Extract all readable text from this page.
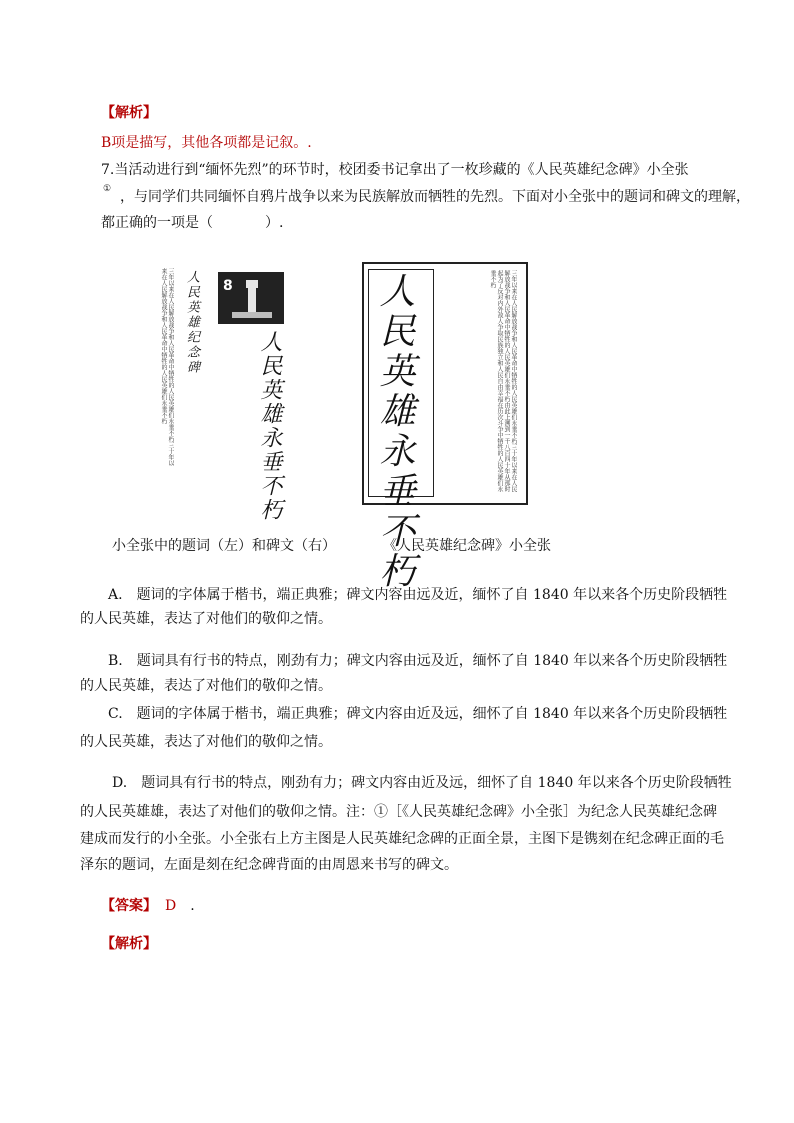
【解析】
B项是描写，其他各项都是记叙。.
7.当活动进行到“缅怀先烈”的环节时，校团委书记拿出了一枚珍藏的《人民英雄纪念碑》小全张
① ，与同学们共同缅怀自鸦片战争以来为民族解放而牺牲的先烈。下面对小全张中的题词和碑文的理解，
都正确的一项是（	）.
三年以来在人民解放战争和人民革命中牺牲的人民英雄们永垂不朽三十年以来在人民解放战争和人民革命中牺牲的人民英雄们永垂不朽	人民英雄纪念碑 8
人民英雄永垂不朽	人民英雄永垂不朽	三年以来在人民解放战争和人民革命中牺牲的人民英雄们永垂不朽三十年以来在人民解放战争和人民革命中牺牲的人民英雄们永垂不朽由此上溯到一千八百四十年从那时起为了反对内外敌人争取民族独立和人民自由幸福在历次斗争中牺牲的人民英雄们永垂不朽
小全张中的题词（左）和碑文（右）	《人民英雄纪念碑》小全张
A. 题词的字体属于楷书，端正典雅；碑文内容由远及近，缅怀了自 1840 年以来各个历史阶段牺牲
的人民英雄，表达了对他们的敬仰之情。
B. 题词具有行书的特点，刚劲有力；碑文内容由远及近，缅怀了自 1840 年以来各个历史阶段牺牲
的人民英雄，表达了对他们的敬仰之情。
C. 题词的字体属于楷书，端正典雅；碑文内容由近及远，细怀了自 1840 年以来各个历史阶段牺牲
的人民英雄，表达了对他们的敬仰之情。
D. 题词具有行书的特点，刚劲有力；碑文内容由近及远，细怀了自 1840 年以来各个历史阶段牺牲
的人民英雄雄，表达了对他们的敬仰之情。注：①［《人民英雄纪念碑》小全张］为纪念人民英雄纪念碑
建成而发行的小全张。小全张右上方主图是人民英雄纪念碑的正面全景，主图下是镌刻在纪念碑正面的毛
泽东的题词，左面是刻在纪念碑背面的由周恩来书写的碑文。
【答案】 D .
【解析】
